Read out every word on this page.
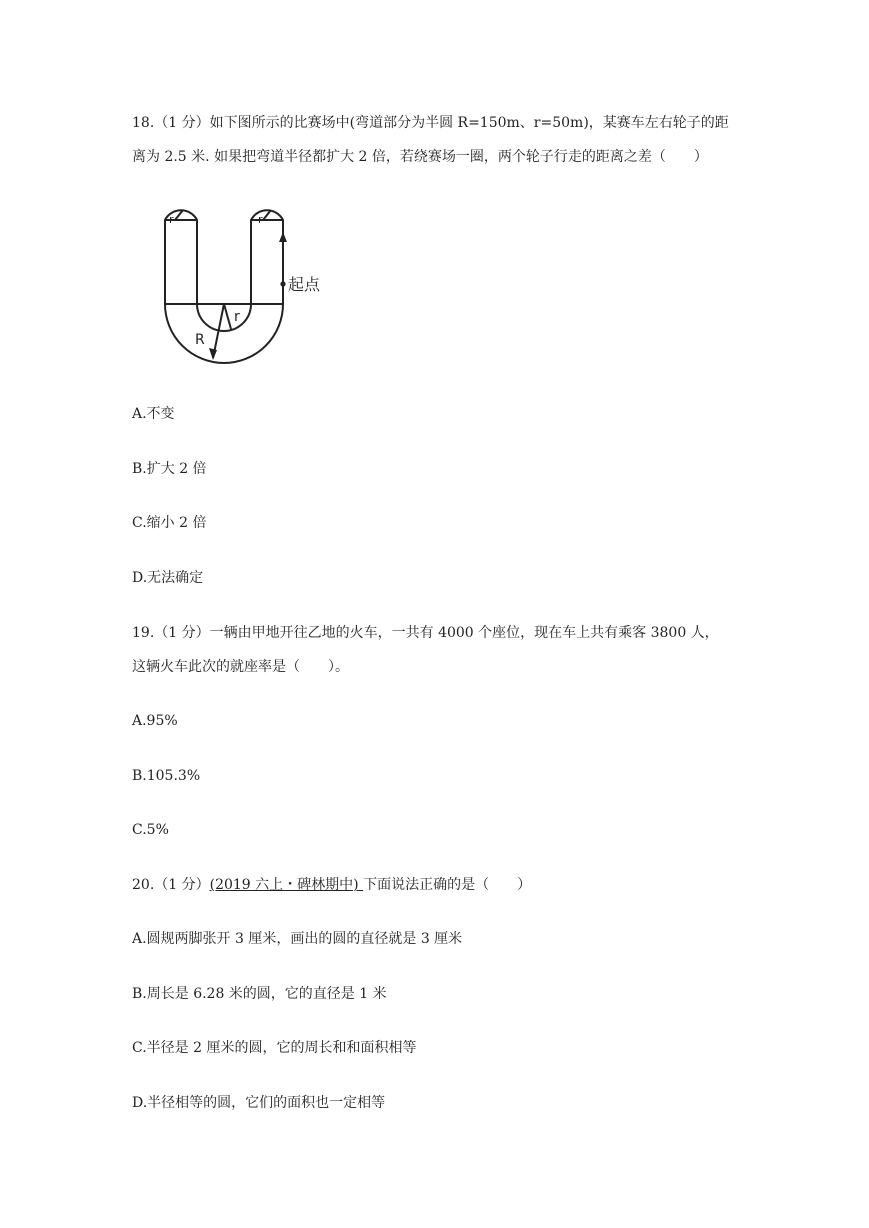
18.（1 分）如下图所示的比赛场中(弯道部分为半圆 R=150m、r=50m)，某赛车左右轮子的距
离为 2.5 米. 如果把弯道半径都扩大 2 倍，若绕赛场一圈，两个轮子行走的距离之差（　　）
起点
R
r
r	r
A.不变
B.扩大 2 倍
C.缩小 2 倍
D.无法确定
19.（1 分）一辆由甲地开往乙地的火车，一共有 4000 个座位，现在车上共有乘客 3800 人，
这辆火车此次的就座率是（　　）。
A.95%
B.105.3%
C.5%
20.（1 分）(2019 六上・碑林期中) 下面说法正确的是（　　）
A.圆规两脚张开 3 厘米，画出的圆的直径就是 3 厘米
B.周长是 6.28 米的圆，它的直径是 1 米
C.半径是 2 厘米的圆，它的周长和和面积相等
D.半径相等的圆，它们的面积也一定相等
